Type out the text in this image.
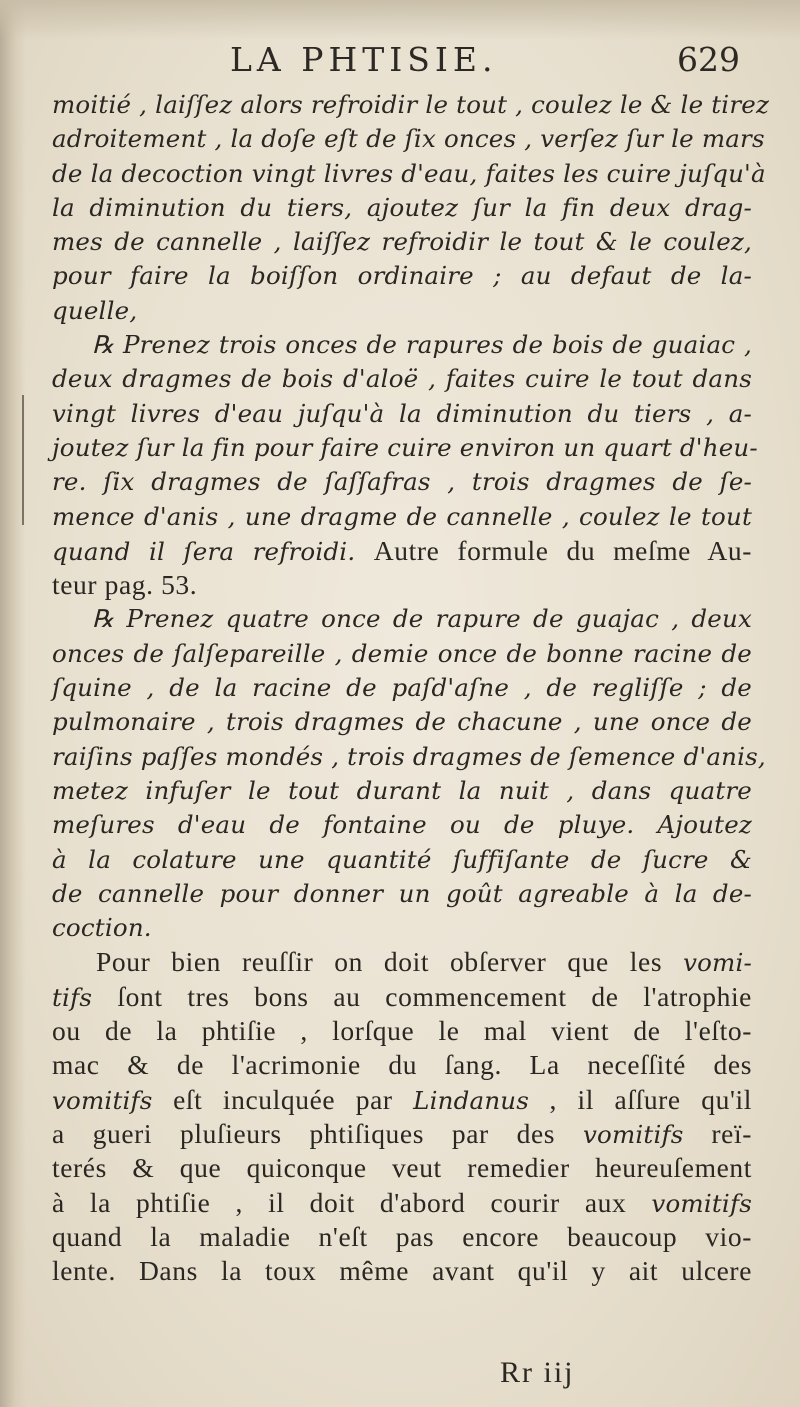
LA PHTISIE.	629
moitié , laiſſez alors refroidir le tout , coulez le & le tirez
adroitement , la doſe eſt de ſix onces , verſez ſur le mars
de la decoction vingt livres d'eau, faites les cuire juſqu'à
la diminution du tiers, ajoutez ſur la fin deux drag-
mes de cannelle , laiſſez refroidir le tout & le coulez,
pour faire la boiſſon ordinaire ; au defaut de la-
quelle,
℞ Prenez trois onces de rapures de bois de guaiac ,
deux dragmes de bois d'aloë , faites cuire le tout dans
vingt livres d'eau juſqu'à la diminution du tiers , a-
joutez ſur la fin pour faire cuire environ un quart d'heu-
re. ſix dragmes de ſaſſafras , trois dragmes de ſe-
mence d'anis , une dragme de cannelle , coulez le tout
quand il ſera refroidi. Autre formule du meſme Au-
teur pag. 53.
℞ Prenez quatre once de rapure de guajac , deux
onces de ſalſepareille , demie once de bonne racine de
ſquine , de la racine de paſd'aſne , de regliſſe ; de
pulmonaire , trois dragmes de chacune , une once de
raiſins paſſes mondés , trois dragmes de ſemence d'anis,
metez infuſer le tout durant la nuit , dans quatre
meſures d'eau de fontaine ou de pluye. Ajoutez
à la colature une quantité ſuffiſante de ſucre &
de cannelle pour donner un goût agreable à la de-
coction.
Pour bien reuſſir on doit obſerver que les vomi-
tifs ſont tres bons au commencement de l'atrophie
ou de la phtiſie , lorſque le mal vient de l'eſto-
mac & de l'acrimonie du ſang. La neceſſité des
vomitifs eſt inculquée par Lindanus , il aſſure qu'il
a gueri pluſieurs phtiſiques par des vomitifs reï-
terés & que quiconque veut remedier heureuſement
à la phtiſie , il doit d'abord courir aux vomitifs
quand la maladie n'eſt pas encore beaucoup vio-
lente. Dans la toux même avant qu'il y ait ulcere
Rr iij
